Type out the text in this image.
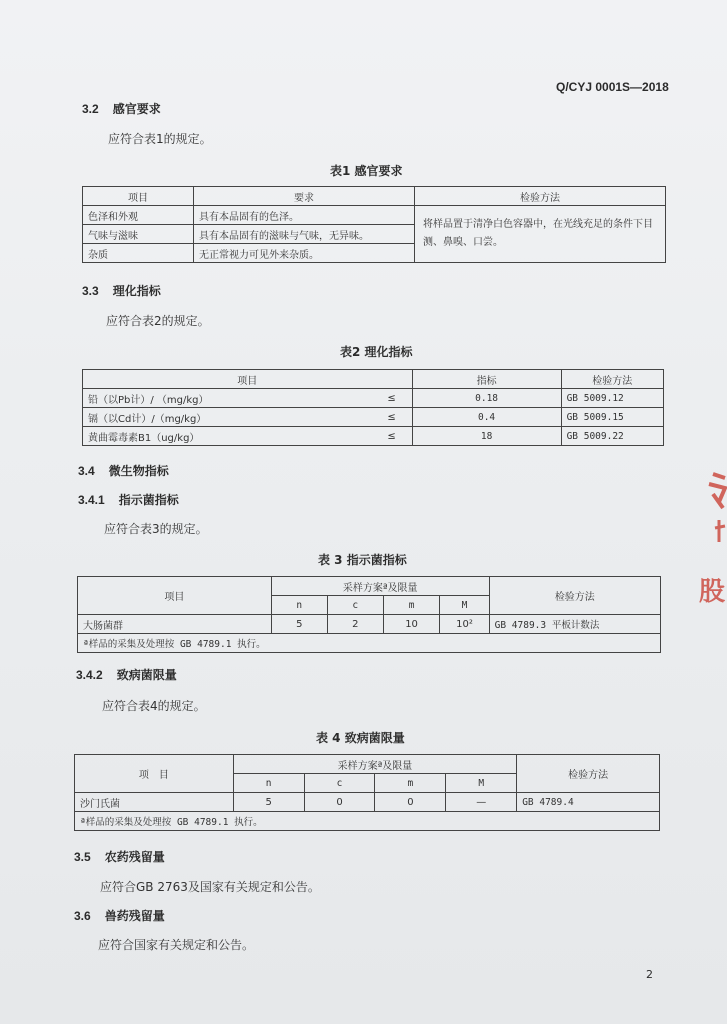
Q/CYJ 0001S—2018
3.2 感官要求
应符合表1的规定。
表1 感官要求
项目	要求	检验方法
色泽和外观	具有本品固有的色泽。	将样品置于清净白色容器中，在光线充足的条件下目测、鼻嗅、口尝。
气味与滋味	具有本品固有的滋味与气味，无异味。	
杂质	无正常视力可见外来杂质。	
3.3 理化指标
应符合表2的规定。
表2 理化指标
项目		指标	检验方法
铅（以Pb计）/ （mg/kg）	≤	0.18	GB 5009.12
镉（以Cd计）/（mg/kg）	≤	0.4	GB 5009.15
黄曲霉毒素B1（ug/kg）	≤	18	GB 5009.22
3.4 微生物指标
3.4.1 指示菌指标
应符合表3的规定。
表 3 指示菌指标
项目	采样方案ª及限量				检验方法
	n	c	m	M	
大肠菌群	5	2	10	10²	GB 4789.3 平板计数法
ª样品的采集及处理按 GB 4789.1 执行。					
3.4.2 致病菌限量
应符合表4的规定。
表 4 致病菌限量
项　目	采样方案ª及限量				检验方法
	n	c	m	M	
沙门氏菌	5	0	0	—	GB 4789.4
ª样品的采集及处理按 GB 4789.1 执行。					
3.5 农药残留量
应符合GB 2763及国家有关规定和公告。
3.6 兽药残留量
应符合国家有关规定和公告。
2
股
